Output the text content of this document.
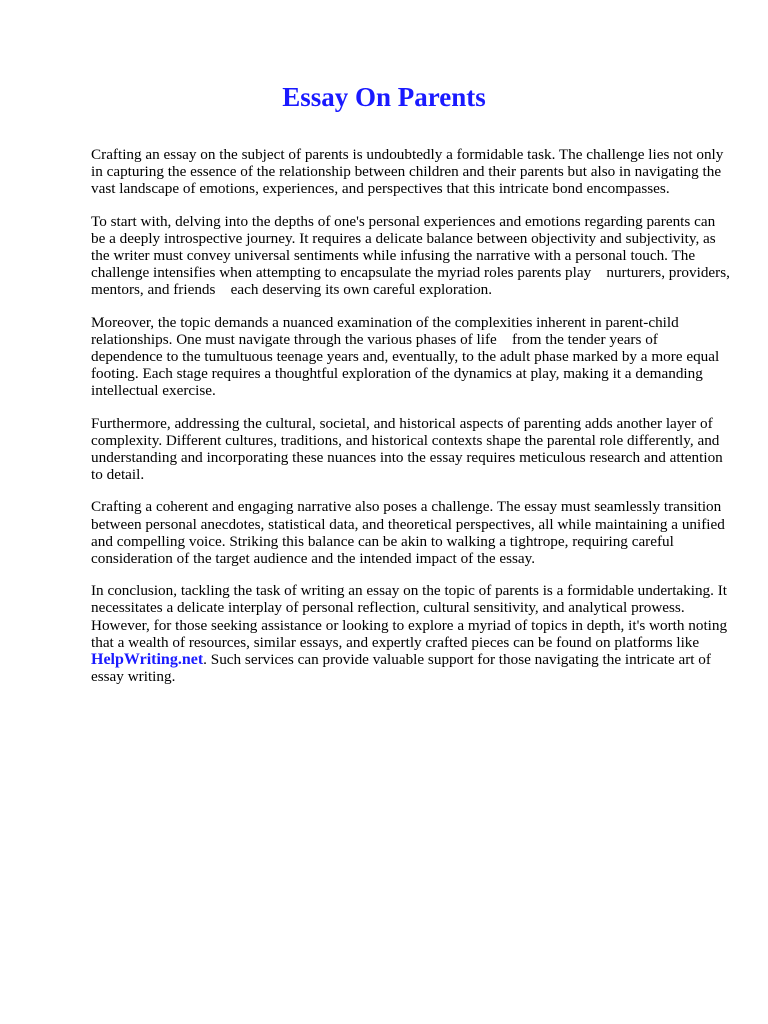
Essay On Parents

Crafting an essay on the subject of parents is undoubtedly a formidable task. The challenge lies not only in capturing the essence of the relationship between children and their parents but also in navigating the vast landscape of emotions, experiences, and perspectives that this intricate bond encompasses.

To start with, delving into the depths of one's personal experiences and emotions regarding parents can be a deeply introspective journey. It requires a delicate balance between objectivity and subjectivity, as the writer must convey universal sentiments while infusing the narrative with a personal touch. The challenge intensifies when attempting to encapsulate the myriad roles parents play    nurturers, providers, mentors, and friends    each deserving its own careful exploration.

Moreover, the topic demands a nuanced examination of the complexities inherent in parent-child relationships. One must navigate through the various phases of life    from the tender years of dependence to the tumultuous teenage years and, eventually, to the adult phase marked by a more equal footing. Each stage requires a thoughtful exploration of the dynamics at play, making it a demanding intellectual exercise.

Furthermore, addressing the cultural, societal, and historical aspects of parenting adds another layer of complexity. Different cultures, traditions, and historical contexts shape the parental role differently, and understanding and incorporating these nuances into the essay requires meticulous research and attention to detail.

Crafting a coherent and engaging narrative also poses a challenge. The essay must seamlessly transition between personal anecdotes, statistical data, and theoretical perspectives, all while maintaining a unified and compelling voice. Striking this balance can be akin to walking a tightrope, requiring careful consideration of the target audience and the intended impact of the essay.

In conclusion, tackling the task of writing an essay on the topic of parents is a formidable undertaking. It necessitates a delicate interplay of personal reflection, cultural sensitivity, and analytical prowess. However, for those seeking assistance or looking to explore a myriad of topics in depth, it's worth noting that a wealth of resources, similar essays, and expertly crafted pieces can be found on platforms like HelpWriting.net. Such services can provide valuable support for those navigating the intricate art of essay writing.
